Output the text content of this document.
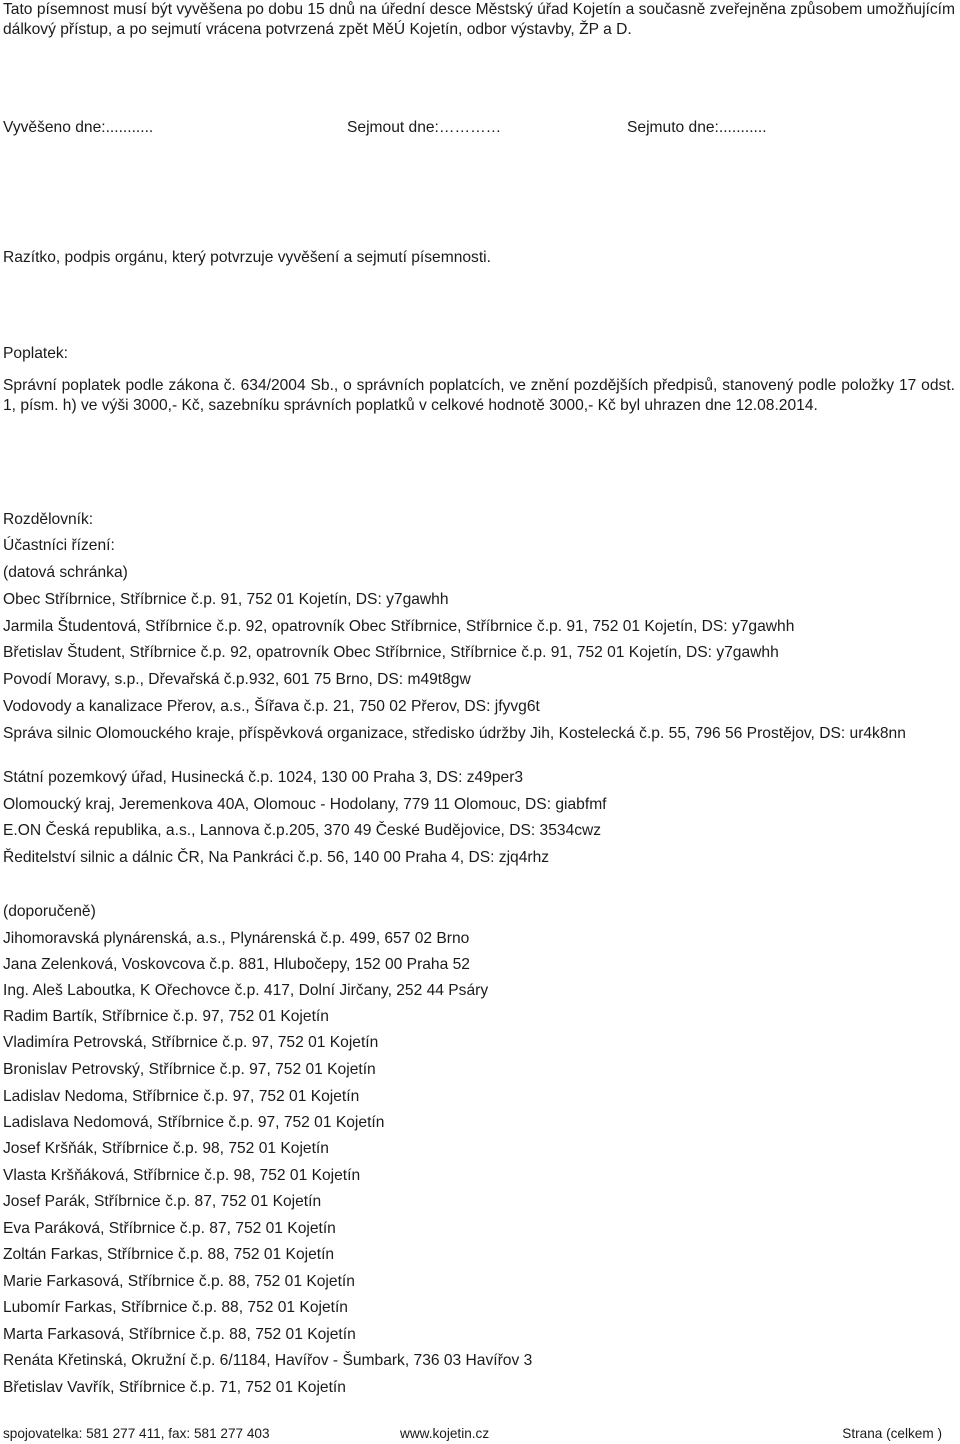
Tato písemnost musí být vyvěšena po dobu 15 dnů na úřední desce Městský úřad Kojetín a současně zveřejněna způsobem umožňujícím dálkový přístup, a po sejmutí vrácena potvrzená zpět MěÚ Kojetín, odbor výstavby, ŽP a D.
Vyvěšeno dne:...........	Sejmout dne:…………	Sejmuto dne:...........
Razítko, podpis orgánu, který potvrzuje vyvěšení a sejmutí písemnosti.
Poplatek:
Správní poplatek podle zákona č. 634/2004 Sb., o správních poplatcích, ve znění pozdějších předpisů, stanovený podle položky 17 odst. 1, písm. h) ve výši 3000,- Kč, sazebníku správních poplatků v celkové hodnotě 3000,- Kč byl uhrazen dne 12.08.2014.
Rozdělovník:
Účastníci řízení:
(datová schránka)
Obec Stříbrnice, Stříbrnice č.p. 91, 752 01 Kojetín, DS: y7gawhh
Jarmila Študentová, Stříbrnice č.p. 92, opatrovník Obec Stříbrnice, Stříbrnice č.p. 91, 752 01 Kojetín, DS: y7gawhh
Břetislav Študent, Stříbrnice č.p. 92, opatrovník Obec Stříbrnice, Stříbrnice č.p. 91, 752 01 Kojetín, DS: y7gawhh
Povodí Moravy, s.p., Dřevařská č.p.932, 601 75 Brno, DS: m49t8gw
Vodovody a kanalizace Přerov, a.s., Šířava č.p. 21, 750 02 Přerov, DS: jfyvg6t
Správa silnic Olomouckého kraje, příspěvková organizace, středisko údržby Jih, Kostelecká č.p. 55, 796 56 Prostějov, DS: ur4k8nn
Státní pozemkový úřad, Husinecká č.p. 1024, 130 00 Praha 3, DS: z49per3
Olomoucký kraj, Jeremenkova 40A, Olomouc - Hodolany, 779 11 Olomouc, DS: giabfmf
E.ON Česká republika, a.s., Lannova č.p.205, 370 49 České Budějovice, DS: 3534cwz
Ředitelství silnic a dálnic ČR, Na Pankráci č.p. 56, 140 00 Praha 4, DS: zjq4rhz
(doporučeně)
Jihomoravská plynárenská, a.s., Plynárenská č.p. 499, 657 02 Brno
Jana Zelenková, Voskovcova č.p. 881, Hlubočepy, 152 00 Praha 52
Ing. Aleš Laboutka, K Ořechovce č.p. 417, Dolní Jirčany, 252 44 Psáry
Radim Bartík, Stříbrnice č.p. 97, 752 01 Kojetín
Vladimíra Petrovská, Stříbrnice č.p. 97, 752 01 Kojetín
Bronislav Petrovský, Stříbrnice č.p. 97, 752 01 Kojetín
Ladislav Nedoma, Stříbrnice č.p. 97, 752 01 Kojetín
Ladislava Nedomová, Stříbrnice č.p. 97, 752 01 Kojetín
Josef Kršňák, Stříbrnice č.p. 98, 752 01 Kojetín
Vlasta Kršňáková, Stříbrnice č.p. 98, 752 01 Kojetín
Josef Parák, Stříbrnice č.p. 87, 752 01 Kojetín
Eva Paráková, Stříbrnice č.p. 87, 752 01 Kojetín
Zoltán Farkas, Stříbrnice č.p. 88, 752 01 Kojetín
Marie Farkasová, Stříbrnice č.p. 88, 752 01 Kojetín
Lubomír Farkas, Stříbrnice č.p. 88, 752 01 Kojetín
Marta Farkasová, Stříbrnice č.p. 88, 752 01 Kojetín
Renáta Křetinská, Okružní č.p. 6/1184, Havířov - Šumbark, 736 03 Havířov 3
Břetislav Vavřík, Stříbrnice č.p. 71, 752 01 Kojetín
spojovatelka: 581 277 411, fax: 581 277 403	www.kojetin.cz	Strana (celkem )
